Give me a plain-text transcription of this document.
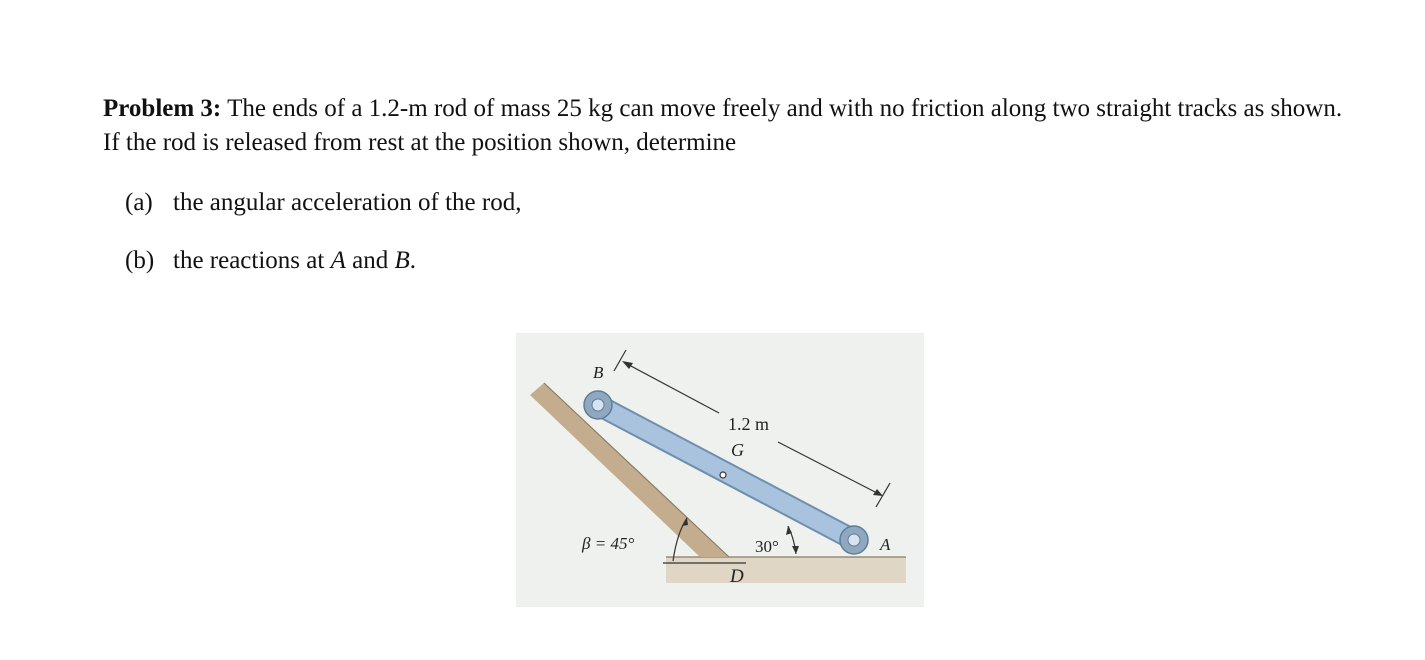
Problem 3: The ends of a 1.2-m rod of mass 25 kg can move freely and with no friction along two straight tracks as shown. If the rod is released from rest at the position shown, determine
(a) the angular acceleration of the rod,
(b) the reactions at A and B.
B
1.2 m
G
β = 45°	30°	A
D
